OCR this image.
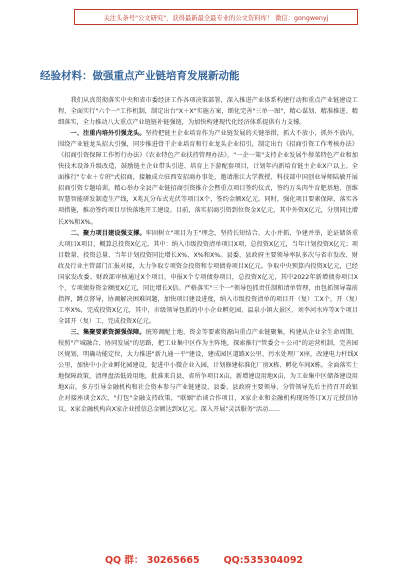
关注头条号"公文研究"，获得最新最全最专业的公文资料库！ 微信：gongwenyj
经验材料：做强重点产业链培育发展新动能

我们从真贯彻落实中央和省市委经济工作各项决策部署，深入推进产业体系构建行动和重点产业链建设工程，全面实行"六个一"工作机制，制定出台"X＋X"实施方案，细化完善"三单一图"，精心谋划、精准推进、精细落实，全力推动八大重点产业链链补链强链，为加快构建现代化经济体系提供有力支撑。

一、注重内培外引强龙头。坚持把链主企业培育作为产业链发展的关键举措，抓大不放小，抓外不放内，围绕产业链龙头招大引强，同步推进骨干企业培育和行业龙头企业招引，制定出台《招商引资工作考核办法》《招商引资保障工作暂行办法》《农业特色产业扶持管理办法》，"一企一策"支持企业发展牛鬃菜特色产业和加快技术设备升级改造，鼓励链主企业带头引进、培育上下游配套项目，计划年内新培育链主企业X户以上。全面推行"专业＋专班"式招商，接触成立驻西安招商办事处，邀请浙江大学教授、科技部中国创业导师陆敏开展招商引资专题培训，精心举办全县产业链招商引资推介会暨重点项目签约仪式，签约万头肉牛育肥基地、创维智慧智能研发制造生产线，X兆瓦分布式光伏等项目X个，签约金额X亿元。同时，强化项目要素保障，落实各项措施，推动签约项目尽快落地开工建设。目前，落实招商引资到位资金X亿元，其中外资X亿元，分别同比增长X%和X%。

二、聚力项目建设强支撑。牢固树立"项目为王"理念，坚持长短结合、大小并抓，争建并举，论证储备重大项目X项目，概算总投资X亿元，其中：纳入市级投资清单项目X项，总投资X亿元，当年计划投资X亿元；项目数量、投资总量、当年计划投资同比增长X%、X%和X%。县委、县政府主要领导率队多次与省市发改、财政及行业主管部门汇报对接，大力争取专项资金投资和专项债券项目X亿元。争取中央预算内投资X亿元，已经国家发改委、财政部审核通过X个项目，申报X个专项债券项目，总投资X亿元，其中2022年新增债券项目X个，专项债券资金额度X亿元，同比增长X倍。严格落实"三个一"领导包抓责任制和清单管理，由包抓领导靠前指挥，蹲点督导，协调解决困难问题，加快项目建设进度，纳入市级投资清单的项目开（复）工X个，开（复）工率X%，完成投资X亿元，其中，市级领导包抓的中小企业孵化园、温泉小镇大景区、刘李河水库等X个项目全部开（复）工，完成投资X亿元。

三、集聚要素资源强保障。统筹调配土地、资金等要素资源向重点产业链聚集，构建从企业全生命周期、按照"产城融合、协同发展"的思路，把工业集中区作为主阵地，探索推行"管委会＋公司"的运营机制，完善园区规划，明确功能定位，大力推进"新九通一平"建设，建成园区道路X公里、污水处理厂X座，改建电力杆线X公里，加快中小企业孵化园建设，促进中小微企业入园，计划修建标准化厂房X栋、孵化车间X栋。全面落实土地保障政策，清理盘活低效用地，批准来自县、省所争项目X亩，新增建设用地X亩，为工业集中区储备建设用地X亩。多方引导金融机构和社会资本参与产业链建设，县委、县政府主要领导、分管领导先后主持召开政银企对接座谈会X次，"打包"金融支持政策，"联姻"治谈合作项目，X家企业和金融机构现场签订X万元授信协议，X家金融机构向X家企业授信总金额达到X亿元。深入开展"灵活服务"活动......

QQ 群： 30265665	QQ:535304092
